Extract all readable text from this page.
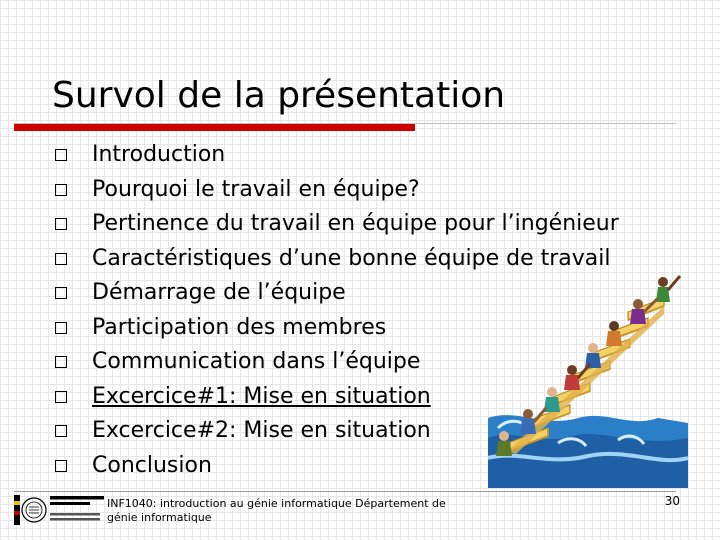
Survol de la présentation
Introduction
Pourquoi le travail en équipe?
Pertinence du travail en équipe pour l’ingénieur
Caractéristiques d’une bonne équipe de travail
Démarrage de l’équipe
Participation des membres
Communication dans l’équipe
Excercice#1: Mise en situation
Excercice#2: Mise en situation
Conclusion
INF1040: introduction au génie informatique Département de génie informatique
30
